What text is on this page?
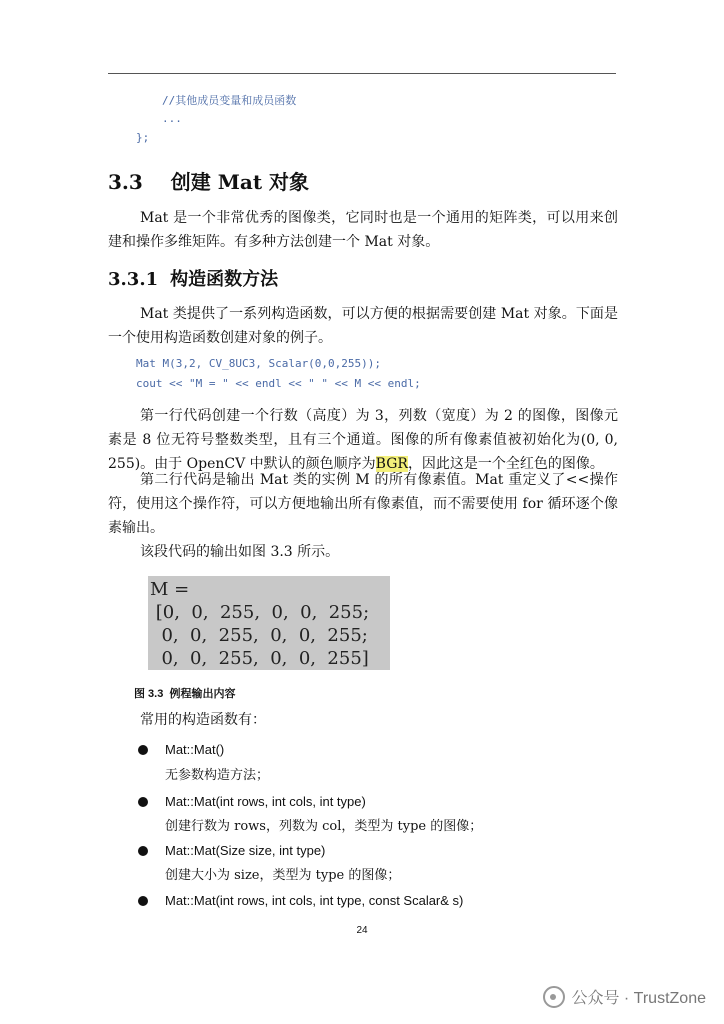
//其他成员变量和成员函数
...
};
3.3 创建 Mat 对象
Mat 是一个非常优秀的图像类，它同时也是一个通用的矩阵类，可以用来创建和操作多维矩阵。有多种方法创建一个 Mat 对象。
3.3.1 构造函数方法
Mat 类提供了一系列构造函数，可以方便的根据需要创建 Mat 对象。下面是一个使用构造函数创建对象的例子。
Mat M(3,2, CV_8UC3, Scalar(0,0,255));
cout << "M = " << endl << " " << M << endl;
第一行代码创建一个行数（高度）为 3，列数（宽度）为 2 的图像，图像元素是 8 位无符号整数类型，且有三个通道。图像的所有像素值被初始化为(0, 0, 255)。由于 OpenCV 中默认的颜色顺序为BGR，因此这是一个全红色的图像。
第二行代码是输出 Mat 类的实例 M 的所有像素值。Mat 重定义了<<操作符，使用这个操作符，可以方便地输出所有像素值，而不需要使用 for 循环逐个像素输出。
该段代码的输出如图 3.3 所示。
M =
[0,  0,  255,  0,  0,  255;
0,  0,  255,  0,  0,  255;
0,  0,  255,  0,  0,  255]
图 3.3 例程输出内容
常用的构造函数有：
Mat::Mat()
无参数构造方法；
Mat::Mat(int rows, int cols, int type)
创建行数为 rows，列数为 col，类型为 type 的图像；
Mat::Mat(Size size, int type)
创建大小为 size，类型为 type 的图像；
Mat::Mat(int rows, int cols, int type, const Scalar& s)
24
公众号 · TrustZone
